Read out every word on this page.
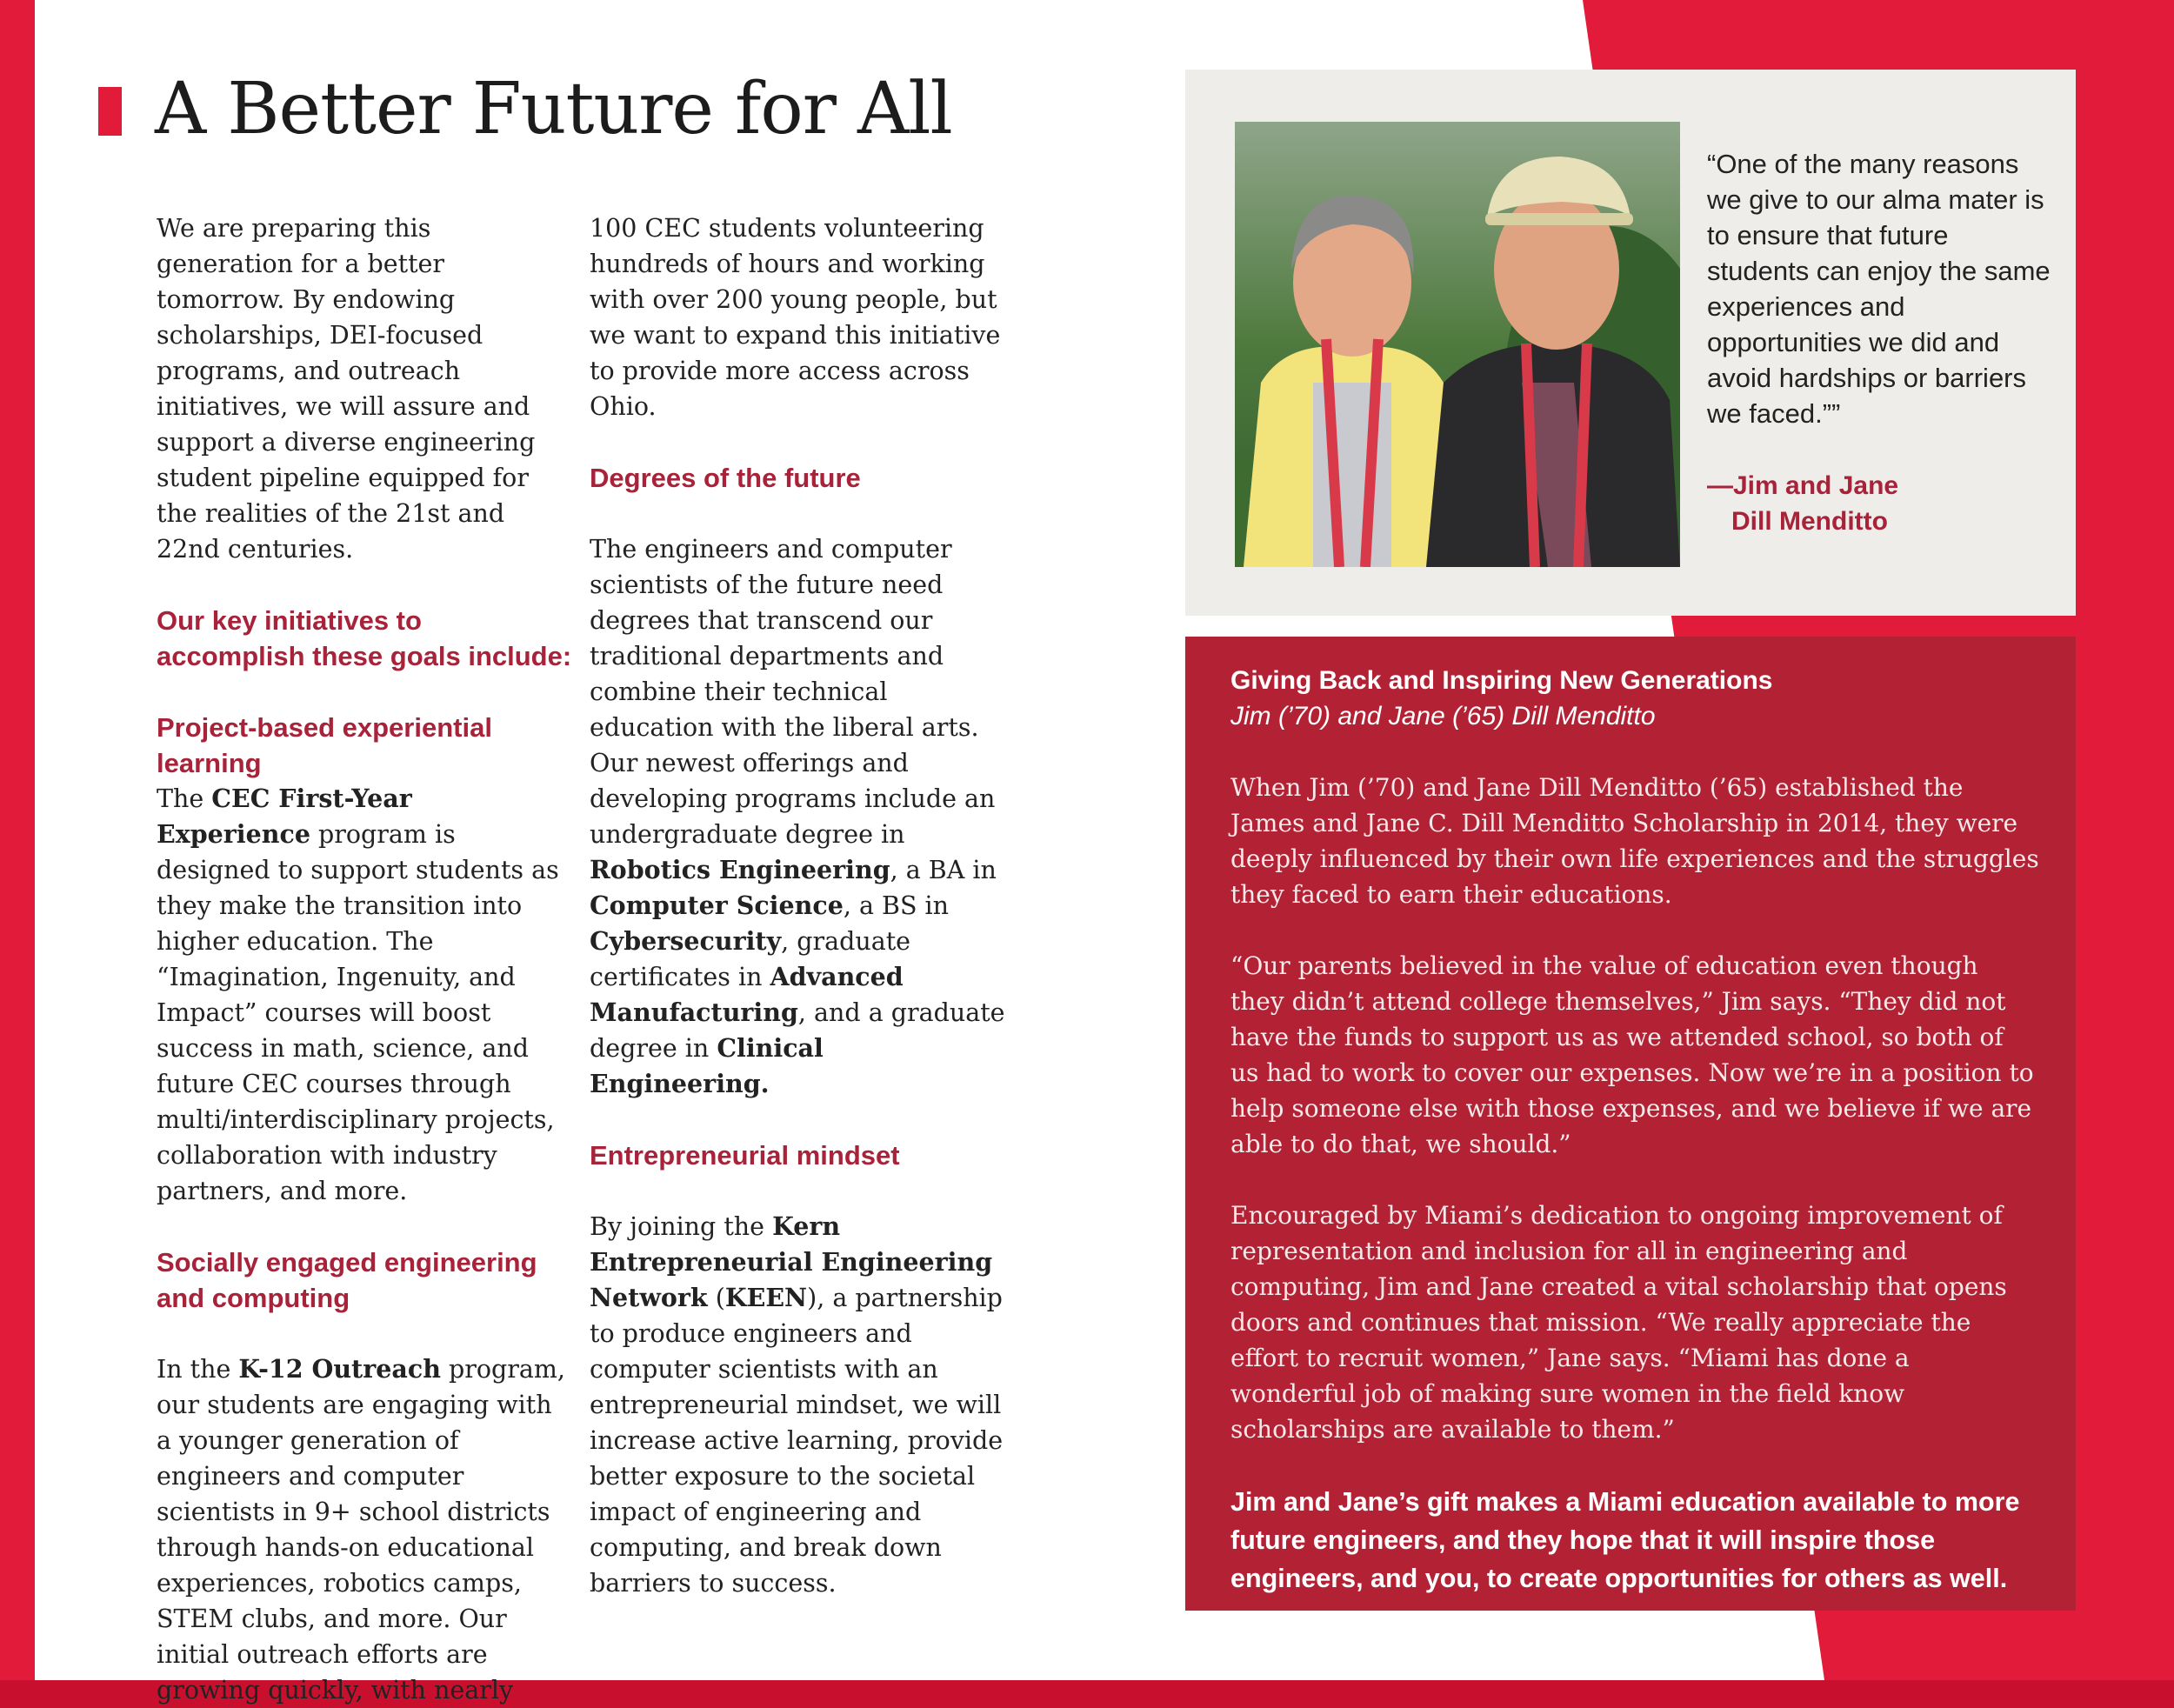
A Better Future for All

We are preparing this generation for a better tomorrow. By endowing scholarships, DEI-focused programs, and outreach initiatives, we will assure and support a diverse engineering student pipeline equipped for the realities of the 21st and 22nd centuries.

Our key initiatives to accomplish these goals include:

Project-based experiential learning
The CEC First-Year Experience program is designed to support students as they make the transition into higher education. The “Imagination, Ingenuity, and Impact” courses will boost success in math, science, and future CEC courses through multi/interdisciplinary projects, collaboration with industry partners, and more.

Socially engaged engineering and computing

In the K-12 Outreach program, our students are engaging with a younger generation of engineers and computer scientists in 9+ school districts through hands-on educational experiences, robotics camps, STEM clubs, and more. Our initial outreach efforts are growing quickly, with nearly

100 CEC students volunteering hundreds of hours and working with over 200 young people, but we want to expand this initiative to provide more access across Ohio.

Degrees of the future

The engineers and computer scientists of the future need degrees that transcend our traditional departments and combine their technical education with the liberal arts. Our newest offerings and developing programs include an undergraduate degree in Robotics Engineering, a BA in Computer Science, a BS in Cybersecurity, graduate certificates in Advanced Manufacturing, and a graduate degree in Clinical Engineering.

Entrepreneurial mindset

By joining the Kern Entrepreneurial Engineering Network (KEEN), a partnership to produce engineers and computer scientists with an entrepreneurial mindset, we will increase active learning, provide better exposure to the societal impact of engineering and computing, and break down barriers to success.

“One of the many reasons we give to our alma mater is to ensure that future students can enjoy the same experiences and opportunities we did and avoid hardships or barriers we faced.””
—Jim and Jane
Dill Menditto
Giving Back and Inspiring New Generations
Jim (’70) and Jane (’65) Dill Menditto

When Jim (’70) and Jane Dill Menditto (’65) established the James and Jane C. Dill Menditto Scholarship in 2014, they were deeply influenced by their own life experiences and the struggles they faced to earn their educations.

“Our parents believed in the value of education even though they didn’t attend college themselves,” Jim says. “They did not have the funds to support us as we attended school, so both of us had to work to cover our expenses. Now we’re in a position to help someone else with those expenses, and we believe if we are able to do that, we should.”

Encouraged by Miami’s dedication to ongoing improvement of representation and inclusion for all in engineering and computing, Jim and Jane created a vital scholarship that opens doors and continues that mission. “We really appreciate the effort to recruit women,” Jane says. “Miami has done a wonderful job of making sure women in the field know scholarships are available to them.”

Jim and Jane’s gift makes a Miami education available to more future engineers, and they hope that it will inspire those engineers, and you, to create opportunities for others as well.
